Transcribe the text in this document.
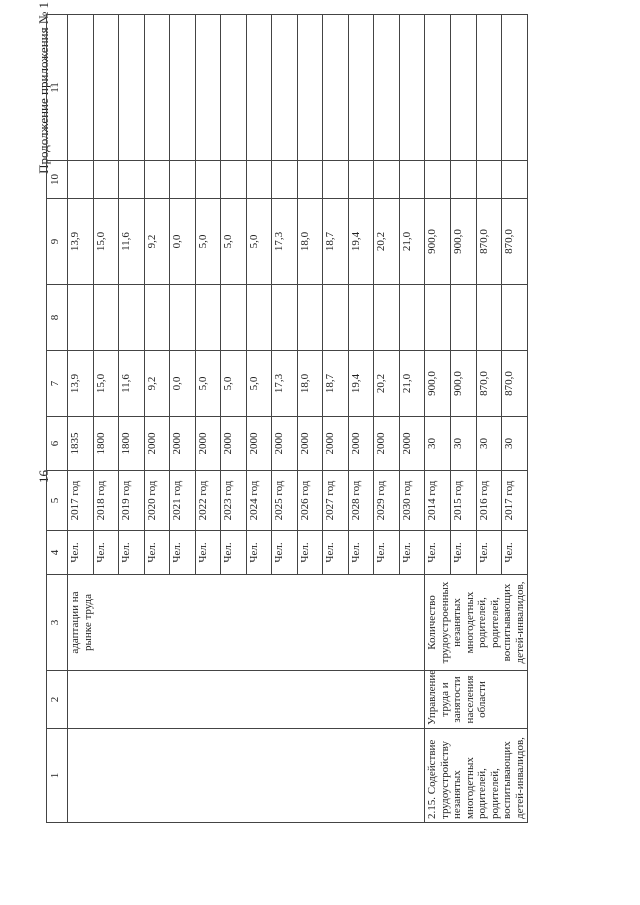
16
Продолжение приложения № 1
1	2	3	4	5	6	7	8	9	10	11
		адаптации на рынке труда	Чел.	2017 год	1835	13,9		13,9		
			Чел.	2018 год	1800	15,0		15,0		
			Чел.	2019 год	1800	11,6		11,6		
			Чел.	2020 год	2000	9,2		9,2		
			Чел.	2021 год	2000	0,0		0,0		
			Чел.	2022 год	2000	5,0		5,0		
			Чел.	2023 год	2000	5,0		5,0		
			Чел.	2024 год	2000	5,0		5,0		
			Чел.	2025 год	2000	17,3		17,3		
			Чел.	2026 год	2000	18,0		18,0		
			Чел.	2027 год	2000	18,7		18,7		
			Чел.	2028 год	2000	19,4		19,4		
			Чел.	2029 год	2000	20,2		20,2		
			Чел.	2030 год	2000	21,0		21,0		
2.15. Содействие трудоустройству незанятых многодетных родителей, родителей, воспитывающих детей-инвалидов,	Управление труда и занятости населения области	Количество трудоустроенных незанятых многодетных родителей, родителей, воспитывающих детей-инвалидов,	Чел.	2014 год	30	900,0		900,0		
			Чел.	2015 год	30	900,0		900,0		
			Чел.	2016 год	30	870,0		870,0		
			Чел.	2017 год	30	870,0		870,0		
